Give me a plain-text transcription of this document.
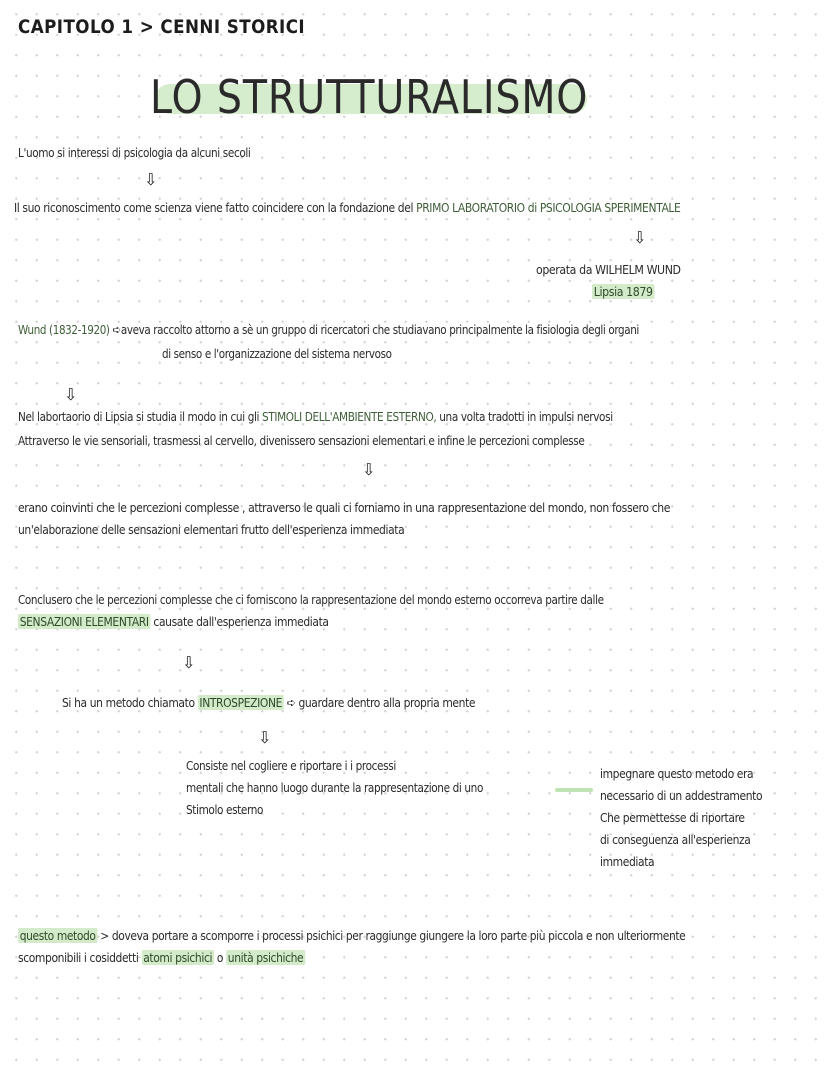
CAPITOLO 1 > CENNI STORICI
LO STRUTTURALISMO
L'uomo si interessi di psicologia da alcuni secoli
⇩
Il suo riconoscimento come scienza viene fatto coincidere con la fondazione del PRIMO LABORATORIO di PSICOLOGIA SPERIMENTALE
⇩
operata da WILHELM WUND
Lipsia 1879
Wund (1832-1920) ➪aveva raccolto attorno a sè un gruppo di ricercatori che studiavano principalmente la fisiologia degli organi
di senso e l'organizzazione del sistema nervoso
⇩
Nel labortaorio di Lipsia si studia il modo in cui gli STIMOLI DELL'AMBIENTE ESTERNO, una volta tradotti in impulsi nervosi
Attraverso le vie sensoriali, trasmessi al cervello, divenissero sensazioni elementari e infine le percezioni complesse
⇩
erano coinvinti che le percezioni complesse , attraverso le quali ci forniamo in una rappresentazione del mondo, non fossero che
un'elaborazione delle sensazioni elementari frutto dell'esperienza immediata
Conclusero che le percezioni complesse che ci forniscono la rappresentazione del mondo esterno occorreva partire dalle
SENSAZIONI ELEMENTARI causate dall'esperienza immediata
⇩
Si ha un metodo chiamato INTROSPEZIONE ➪ guardare dentro alla propria mente
⇩
Consiste nel cogliere e riportare i i processi
mentali che hanno luogo durante la rappresentazione di uno
Stimolo esterno
impegnare questo metodo era
necessario di un addestramento
Che permettesse di riportare
di conseguenza all'esperienza
immediata
questo metodo > doveva portare a scomporre i processi psichici per raggiunge giungere la loro parte più piccola e non ulteriormente
scomponibili i cosiddetti atomi psichici o unità psichiche
